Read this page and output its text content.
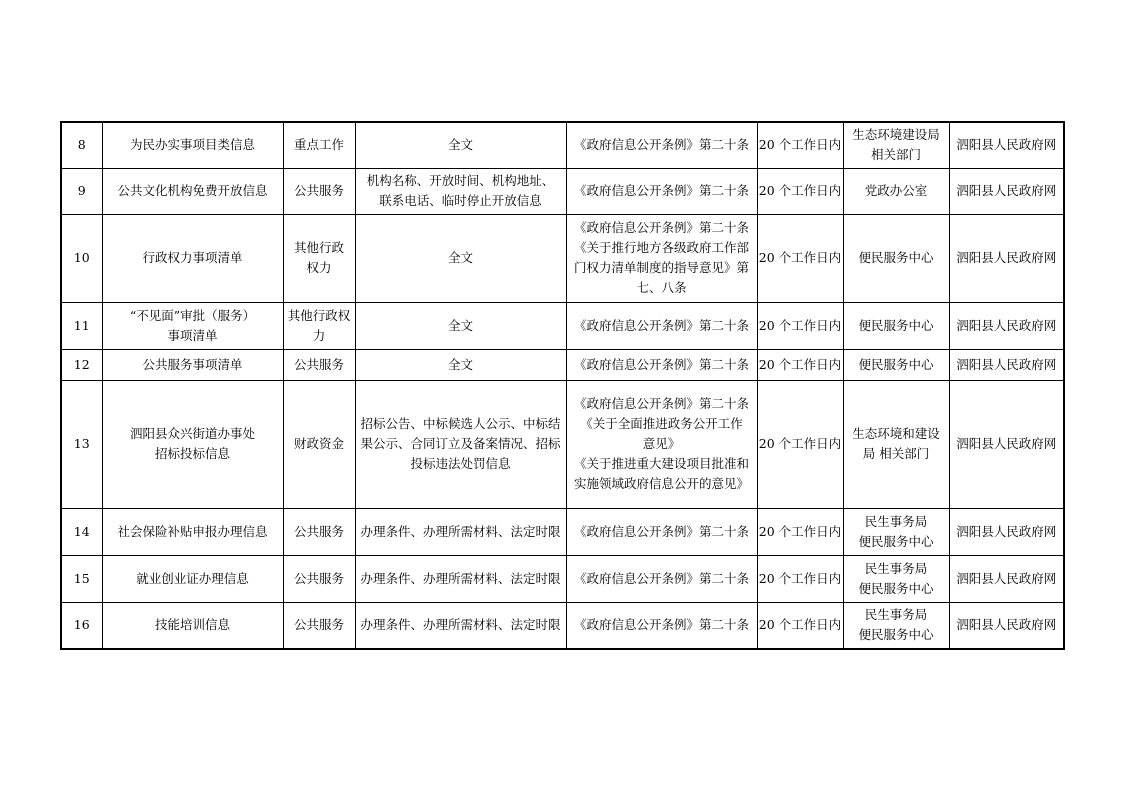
8	为民办实事项目类信息	重点工作	全文	《政府信息公开条例》第二十条	20 个工作日内	生态环境建设局
相关部门	泗阳县人民政府网
9	公共文化机构免费开放信息	公共服务	机构名称、开放时间、机构地址、
联系电话、临时停止开放信息	《政府信息公开条例》第二十条	20 个工作日内	党政办公室	泗阳县人民政府网
10	行政权力事项清单	其他行政
权力	全文	《政府信息公开条例》第二十条
《关于推行地方各级政府工作部
门权力清单制度的指导意见》第
七、八条	20 个工作日内	便民服务中心	泗阳县人民政府网
11	“不见面”审批（服务）
事项清单	其他行政权
力	全文	《政府信息公开条例》第二十条	20 个工作日内	便民服务中心	泗阳县人民政府网
12	公共服务事项清单	公共服务	全文	《政府信息公开条例》第二十条	20 个工作日内	便民服务中心	泗阳县人民政府网
13	泗阳县众兴街道办事处
招标投标信息	财政资金	招标公告、中标候选人公示、中标结
果公示、合同订立及备案情况、招标
投标违法处罚信息	《政府信息公开条例》第二十条
《关于全面推进政务公开工作
意见》
《关于推进重大建设项目批准和
实施领域政府信息公开的意见》	20 个工作日内	生态环境和建设
局 相关部门	泗阳县人民政府网
14	社会保险补贴申报办理信息	公共服务	办理条件、办理所需材料、法定时限	《政府信息公开条例》第二十条	20 个工作日内	民生事务局
便民服务中心	泗阳县人民政府网
15	就业创业证办理信息	公共服务	办理条件、办理所需材料、法定时限	《政府信息公开条例》第二十条	20 个工作日内	民生事务局
便民服务中心	泗阳县人民政府网
16	技能培训信息	公共服务	办理条件、办理所需材料、法定时限	《政府信息公开条例》第二十条	20 个工作日内	民生事务局
便民服务中心	泗阳县人民政府网
